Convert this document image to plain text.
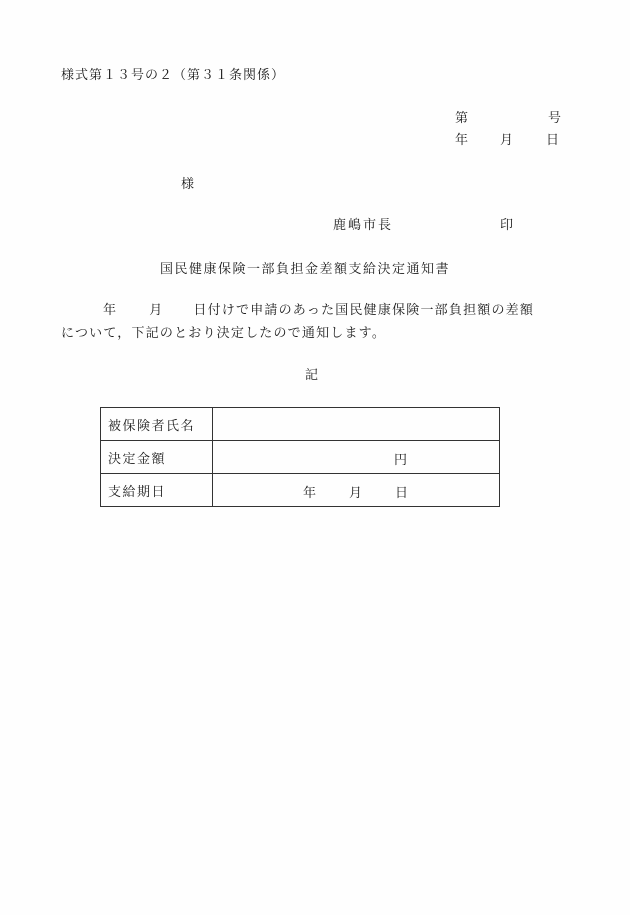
様式第１３号の２（第３１条関係）
第	号
年 月	日
様
鹿嶋市長	印
国民健康保険一部負担金差額支給決定通知書
年 月 日付けで申請のあった国民健康保険一部負担額の差額
について，下記のとおり決定したので通知します。
記
被保険者氏名	
決定金額	円

支給期日	年 月 日
